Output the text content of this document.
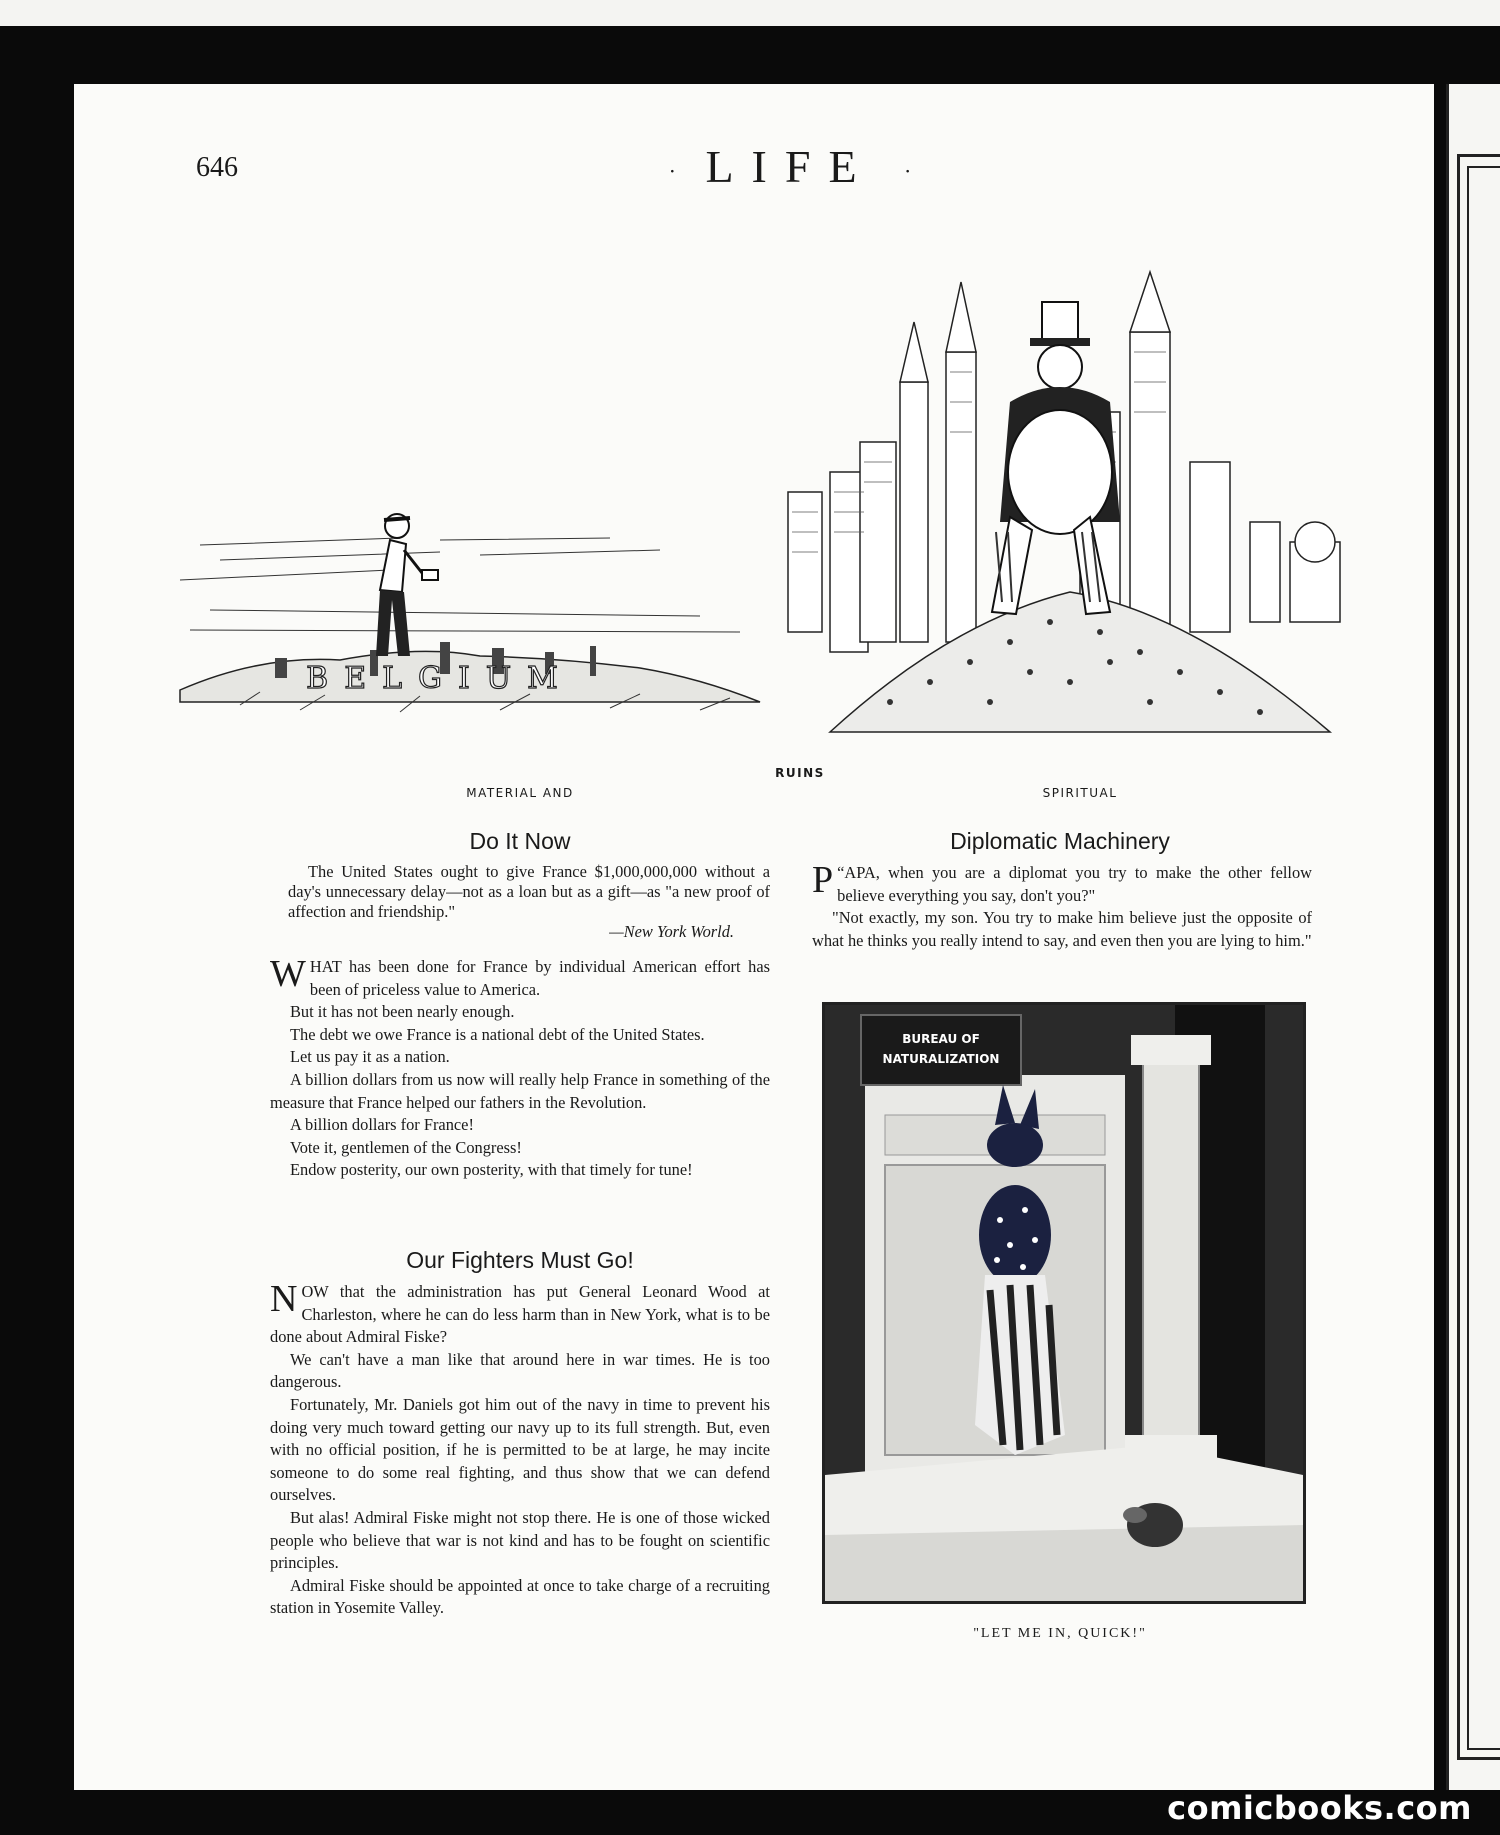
646	· LIFE ·
BELGIUM
RUINS
MATERIAL AND	SPIRITUAL
Do It Now

The United States ought to give France $1,000,000,000 without a day's unnecessary delay—not as a loan but as a gift—as "a new proof of affection and friendship."

—New York World.

WHAT has been done for France by individual American effort has been of priceless value to America.

But it has not been nearly enough.

The debt we owe France is a national debt of the United States.

Let us pay it as a nation.

A billion dollars from us now will really help France in something of the measure that France helped our fathers in the Revolution.

A billion dollars for France!

Vote it, gentlemen of the Congress!

Endow posterity, our own posterity, with that timely for tune!

Our Fighters Must Go!

NOW that the administration has put General Leonard Wood at Charleston, where he can do less harm than in New York, what is to be done about Admiral Fiske?

We can't have a man like that around here in war times. He is too dangerous.

Fortunately, Mr. Daniels got him out of the navy in time to prevent his doing very much toward getting our navy up to its full strength. But, even with no official position, if he is permitted to be at large, he may incite someone to do some real fighting, and thus show that we can defend ourselves.

But alas! Admiral Fiske might not stop there. He is one of those wicked people who believe that war is not kind and has to be fought on scientific principles.

Admiral Fiske should be appointed at once to take charge of a recruiting station in Yosemite Valley.

Diplomatic Machinery

“
P APA, when you are a diplomat you try to make the other fellow believe everything you say, don't you?"

"Not exactly, my son. You try to make him believe just the opposite of what he thinks you really intend to say, and even then you are lying to him."

BUREAU OF
NATURALIZATION
"LET ME IN, QUICK!"
comicbooks.com
